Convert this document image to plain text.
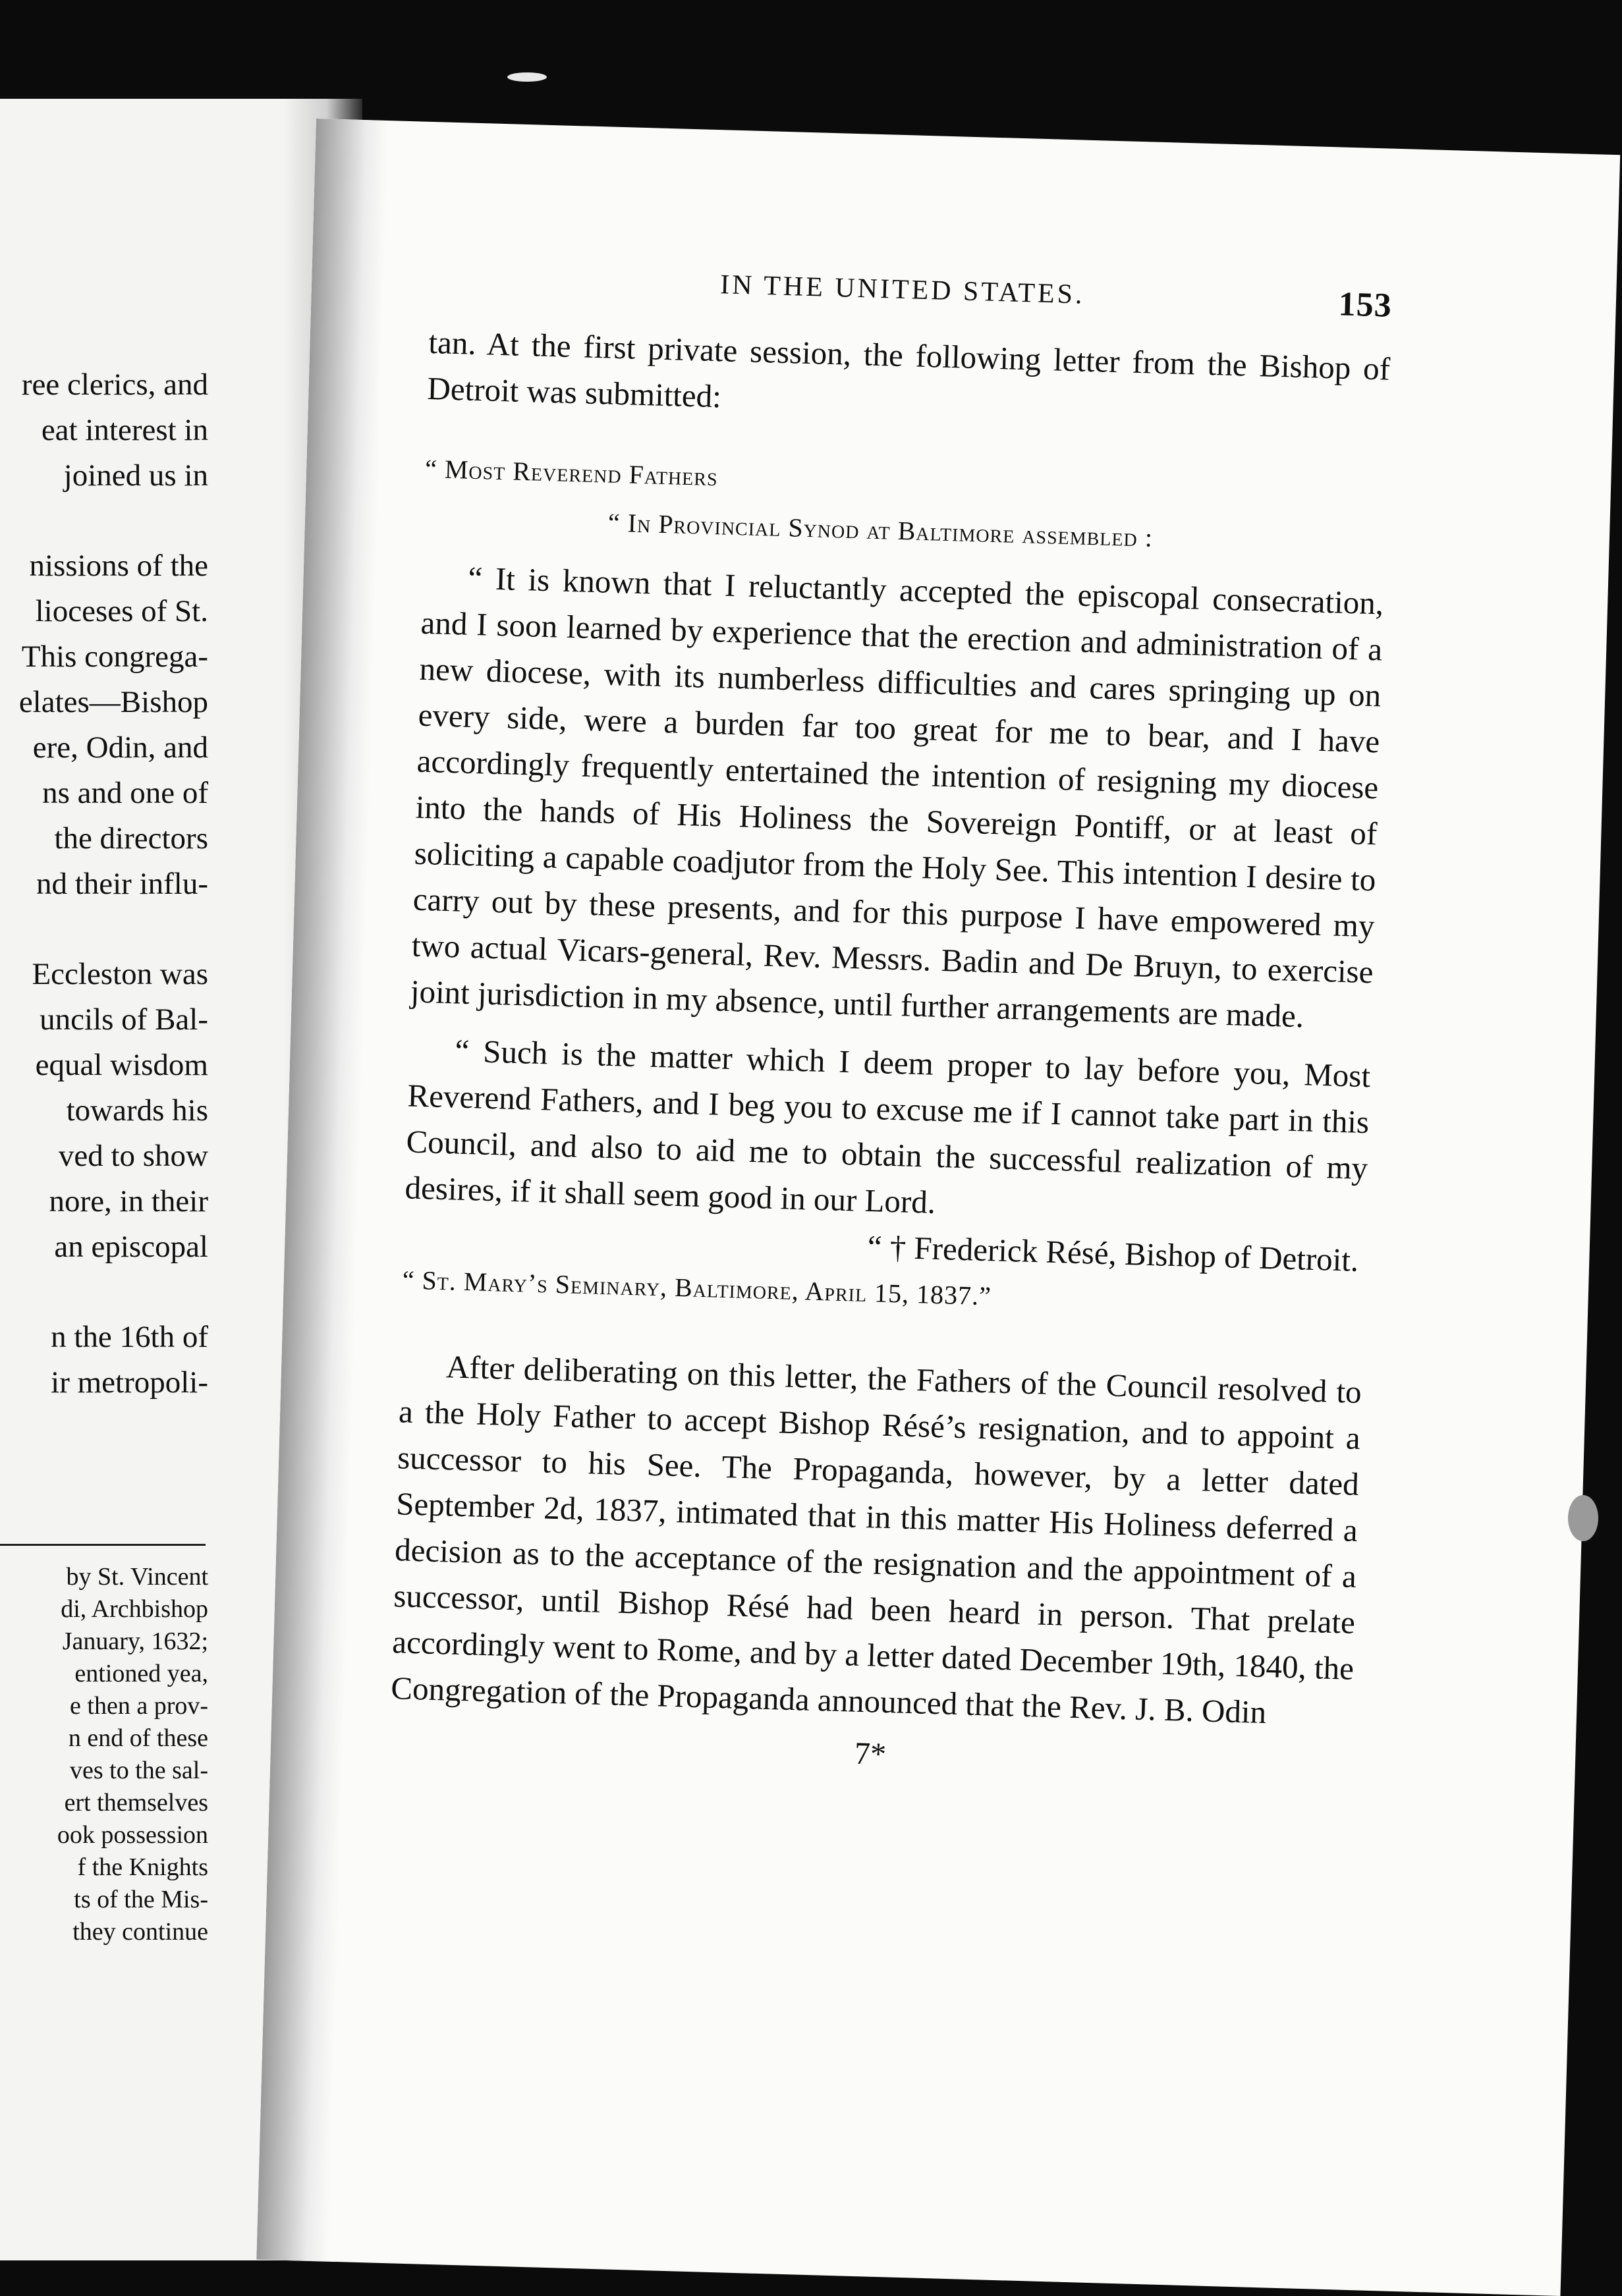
ree clerics, and
eat interest in
joined us in
nissions of the
lioceses of St.
This congrega-
elates—Bishop
ere, Odin, and
ns and one of
the directors
nd their influ-
Eccleston was
uncils of Bal-
equal wisdom
towards his
ved to show
nore, in their
an episcopal
n the 16th of
ir metropoli-
by St. Vincent
di, Archbishop
January, 1632;
entioned yea,
e then a prov-
n end of these
ves to the sal-
ert themselves
ook possession
f the Knights
ts of the Mis-
they continue
IN THE UNITED STATES.	153

tan. At the first private session, the following letter from the Bishop of Detroit was submitted:

“ Most Reverend Fathers

“ In Provincial Synod at Baltimore assembled :

“ It is known that I reluctantly accepted the episcopal consecration, and I soon learned by experience that the erection and administration of a new diocese, with its numberless difficulties and cares springing up on every side, were a burden far too great for me to bear, and I have accordingly frequently entertained the intention of resigning my diocese into the hands of His Holiness the Sovereign Pontiff, or at least of soliciting a capable coadjutor from the Holy See. This intention I desire to carry out by these presents, and for this purpose I have empowered my two actual Vicars-general, Rev. Messrs. Badin and De Bruyn, to exercise joint jurisdiction in my absence, until further arrangements are made.

“ Such is the matter which I deem proper to lay before you, Most Reverend Fathers, and I beg you to excuse me if I cannot take part in this Council, and also to aid me to obtain the successful realization of my desires, if it shall seem good in our Lord.

“ † Frederick Résé, Bishop of Detroit.

“ St. Mary’s Seminary, Baltimore, April 15, 1837.”

After deliberating on this letter, the Fathers of the Council resolved to a the Holy Father to accept Bishop Résé’s resignation, and to appoint a successor to his See. The Propaganda, however, by a letter dated September 2d, 1837, intimated that in this matter His Holiness deferred a decision as to the acceptance of the resignation and the appointment of a successor, until Bishop Résé had been heard in person. That prelate accordingly went to Rome, and by a letter dated December 19th, 1840, the Congregation of the Propaganda announced that the Rev. J. B. Odin

7*
